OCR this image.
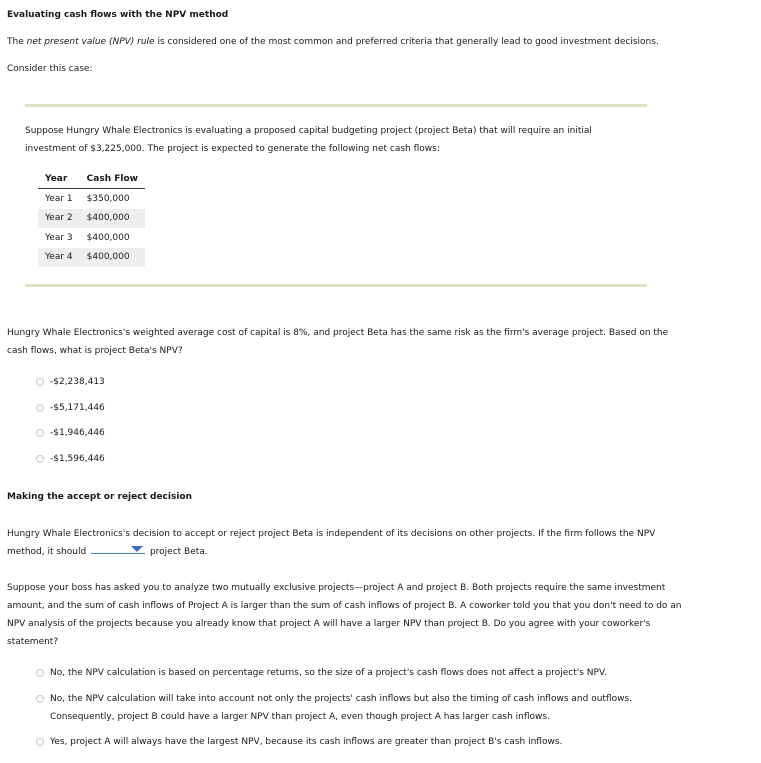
Evaluating cash flows with the NPV method
The net present value (NPV) rule is considered one of the most common and preferred criteria that generally lead to good investment decisions.
Consider this case:
Suppose Hungry Whale Electronics is evaluating a proposed capital budgeting project (project Beta) that will require an initial
investment of $3,225,000. The project is expected to generate the following net cash flows:
Year	Cash Flow
Year 1	$350,000
Year 2	$400,000
Year 3	$400,000
Year 4	$400,000
Hungry Whale Electronics's weighted average cost of capital is 8%, and project Beta has the same risk as the firm's average project. Based on the
cash flows, what is project Beta's NPV?
-$2,238,413
-$5,171,446
-$1,946,446
-$1,596,446
Making the accept or reject decision
Hungry Whale Electronics's decision to accept or reject project Beta is independent of its decisions on other projects. If the firm follows the NPV
method, it should	project Beta.
Suppose your boss has asked you to analyze two mutually exclusive projects—project A and project B. Both projects require the same investment
amount, and the sum of cash inflows of Project A is larger than the sum of cash inflows of project B. A coworker told you that you don't need to do an
NPV analysis of the projects because you already know that project A will have a larger NPV than project B. Do you agree with your coworker's
statement?
No, the NPV calculation is based on percentage returns, so the size of a project's cash flows does not affect a project's NPV.
No, the NPV calculation will take into account not only the projects' cash inflows but also the timing of cash inflows and outflows.
Consequently, project B could have a larger NPV than project A, even though project A has larger cash inflows.
Yes, project A will always have the largest NPV, because its cash inflows are greater than project B's cash inflows.
